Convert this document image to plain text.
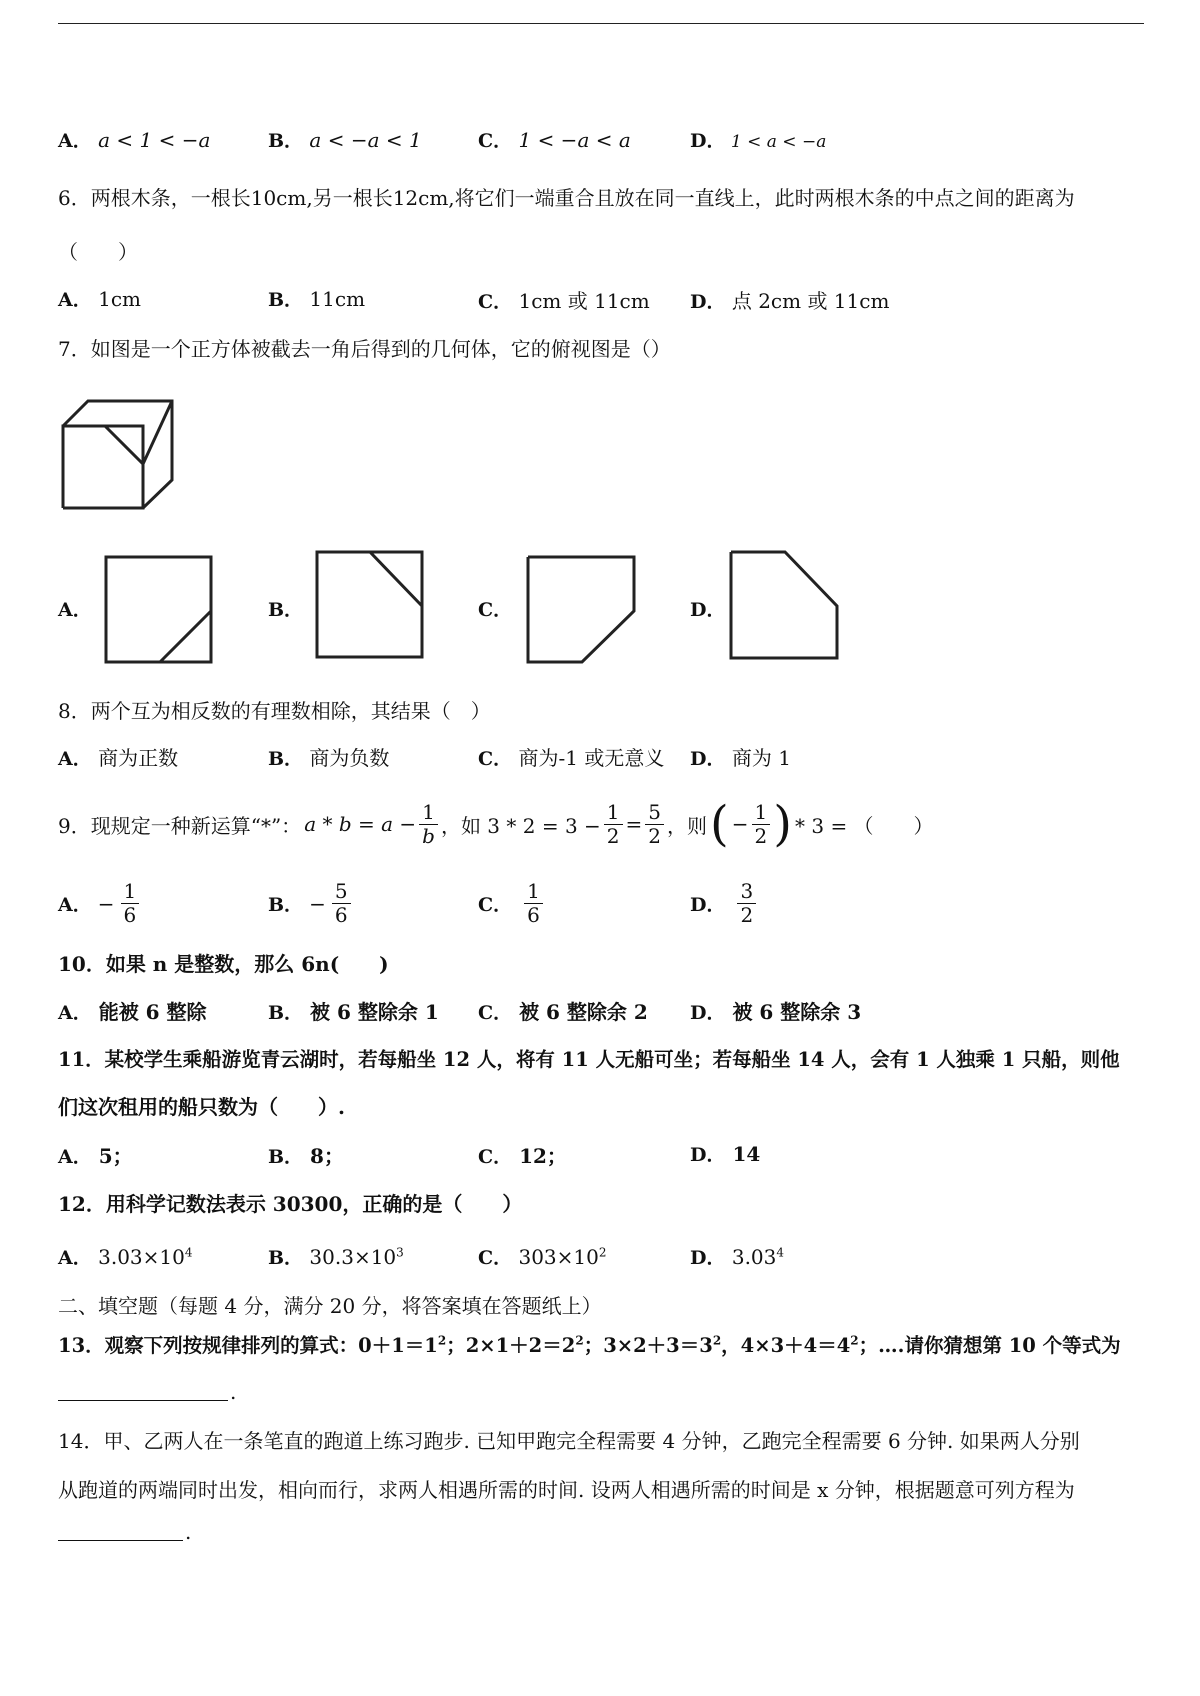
A． a < 1 < −a	B． a < −a < 1	C． 1 < −a < a	D． 1 < a < −a
6．两根木条，一根长10cm,另一根长12cm,将它们一端重合且放在同一直线上，此时两根木条的中点之间的距离为
（　　）
A． 1cm	B． 11cm	C． 1cm 或 11cm D． 点 2cm 或 11cm
7．如图是一个正方体被截去一角后得到的几何体，它的俯视图是（）
A．	B．	C．	D．
8．两个互为相反数的有理数相除，其结果（　）
A． 商为正数	B． 商为负数	C． 商为-1 或无意义 D． 商为 1
9．现规定一种新运算“*”： $a * b = a - \frac{1}{b}$ ，如 $3 * 2 = 3 - \frac{1}{2} = \frac{5}{2}$ ，则 ( − $\frac{1}{2}$ ) * 3 = （　　）
A． − $\frac{1}{6}$	B． − $\frac{5}{6}$	C． $\frac{1}{6}$	D． $\frac{3}{2}$
10．如果 n 是整数，那么 6n(　　)
A． 能被 6 整除	B． 被 6 整除余 1 C． 被 6 整除余 2 D． 被 6 整除余 3
11．某校学生乘船游览青云湖时，若每船坐 12 人，将有 11 人无船可坐；若每船坐 14 人，会有 1 人独乘 1 只船，则他
们这次租用的船只数为（　　）.
A． 5；	B． 8；	C． 12；	D． 14
12．用科学记数法表示 30300，正确的是（　　）
A． $3.03\times 10^4$	B． $30.3\times 10^3$	C． $303\times 10^2$	D． 3.03$^4$
二、填空题（每题 4 分，满分 20 分，将答案填在答题纸上）
13．观察下列按规律排列的算式：$0+1=1^2$；$2\times 1+2=2^2$；$3\times 2+3=3^2$，$4\times 3+4=4^2$；….请你猜想第 10 个等式为
.
14．甲、乙两人在一条笔直的跑道上练习跑步. 已知甲跑完全程需要 4 分钟，乙跑完全程需要 6 分钟. 如果两人分别
从跑道的两端同时出发，相向而行，求两人相遇所需的时间. 设两人相遇所需的时间是 x 分钟，根据题意可列方程为
.
